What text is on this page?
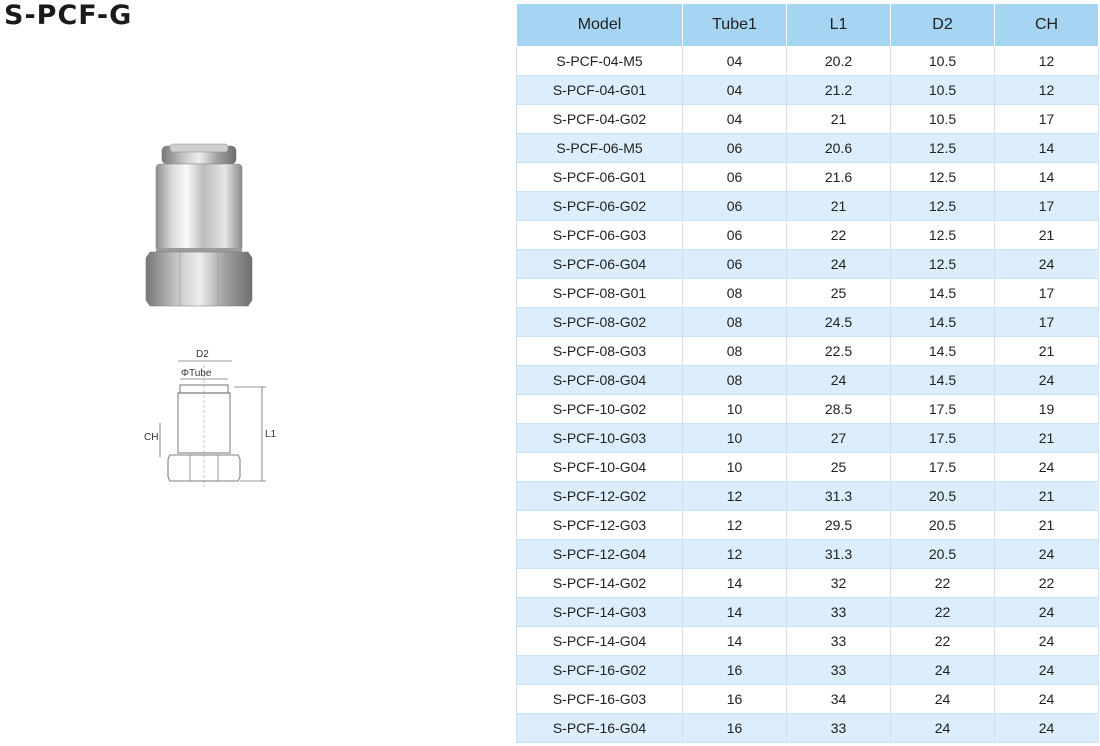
S-PCF-G
D2
ΦTube
CH	L1
Model	Tube1	L1	D2	CH
S-PCF-04-M5	04	20.2	10.5	12
S-PCF-04-G01	04	21.2	10.5	12
S-PCF-04-G02	04	21	10.5	17
S-PCF-06-M5	06	20.6	12.5	14
S-PCF-06-G01	06	21.6	12.5	14
S-PCF-06-G02	06	21	12.5	17
S-PCF-06-G03	06	22	12.5	21
S-PCF-06-G04	06	24	12.5	24
S-PCF-08-G01	08	25	14.5	17
S-PCF-08-G02	08	24.5	14.5	17
S-PCF-08-G03	08	22.5	14.5	21
S-PCF-08-G04	08	24	14.5	24
S-PCF-10-G02	10	28.5	17.5	19
S-PCF-10-G03	10	27	17.5	21
S-PCF-10-G04	10	25	17.5	24
S-PCF-12-G02	12	31.3	20.5	21
S-PCF-12-G03	12	29.5	20.5	21
S-PCF-12-G04	12	31.3	20.5	24
S-PCF-14-G02	14	32	22	22
S-PCF-14-G03	14	33	22	24
S-PCF-14-G04	14	33	22	24
S-PCF-16-G02	16	33	24	24
S-PCF-16-G03	16	34	24	24
S-PCF-16-G04	16	33	24	24
